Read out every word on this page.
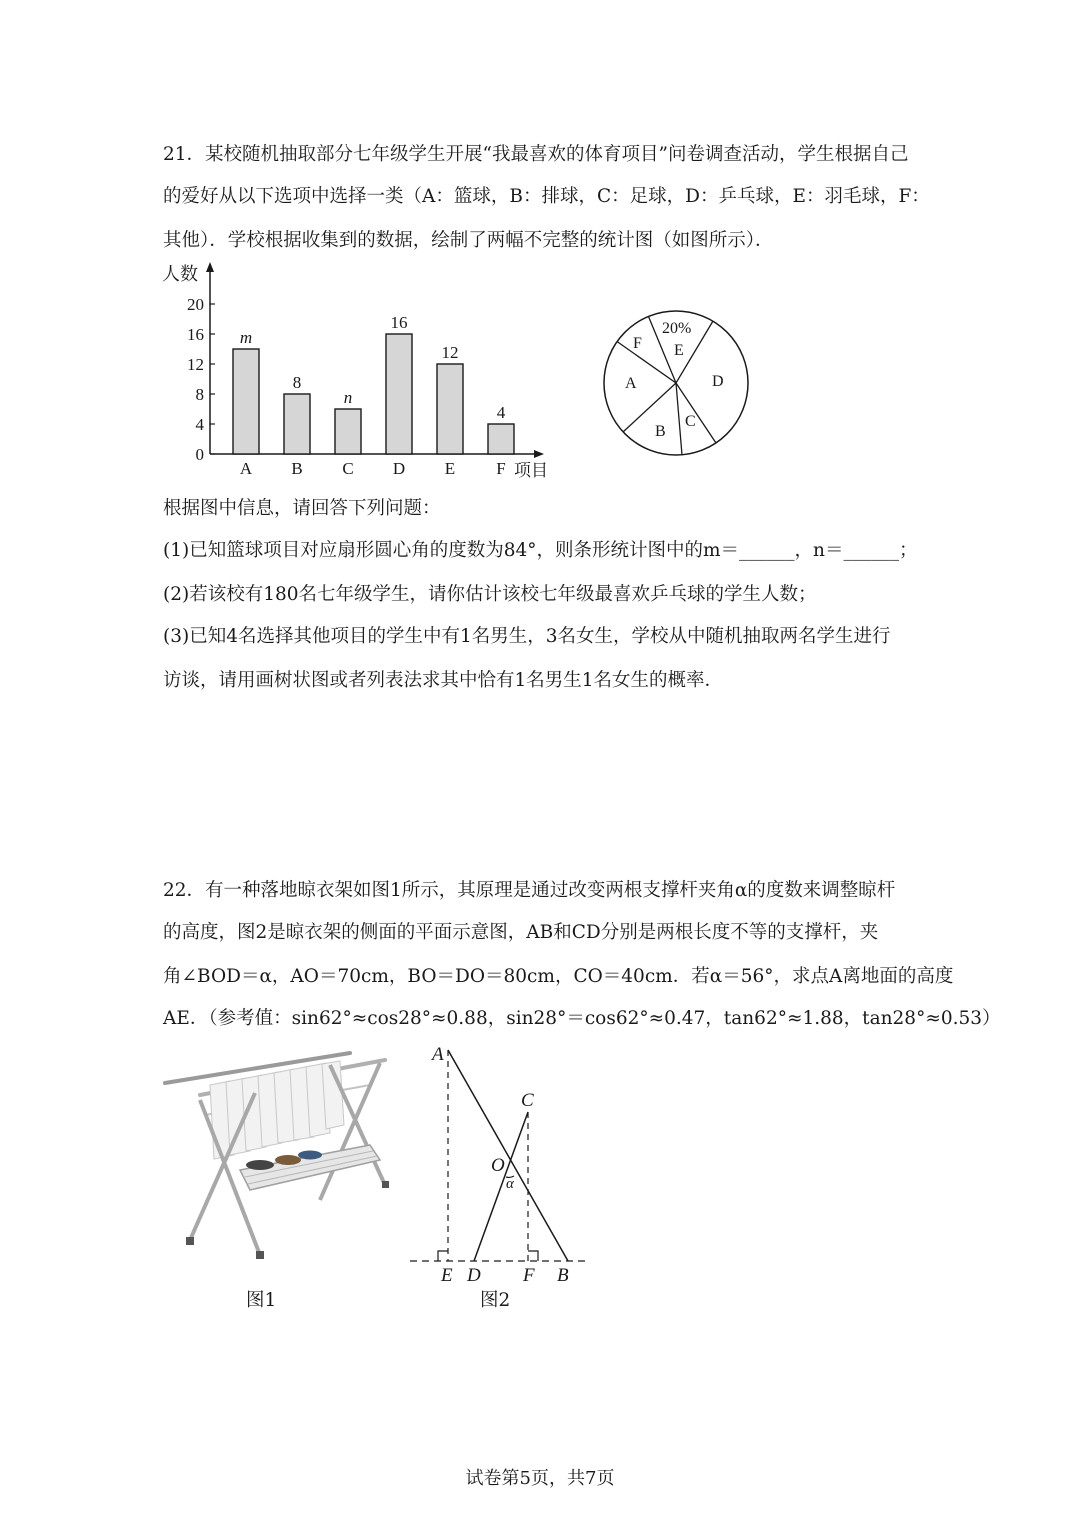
21．某校随机抽取部分七年级学生开展“我最喜欢的体育项目”问卷调查活动，学生根据自己
的爱好从以下选项中选择一类（A：篮球，B：排球，C：足球，D：乒乓球，E：羽毛球，F：
其他）．学校根据收集到的数据，绘制了两幅不完整的统计图（如图所示）．
人数
项目
0
4
8
12
16
20
m
A
8
B
n
C
16
D
12
E
4
F
20%
F E
D
C
B
A
根据图中信息，请回答下列问题：
(1)已知篮球项目对应扇形圆心角的度数为84°，则条形统计图中的m＝______，n＝______；
(2)若该校有180名七年级学生，请你估计该校七年级最喜欢乒乓球的学生人数；
(3)已知4名选择其他项目的学生中有1名男生，3名女生，学校从中随机抽取两名学生进行
访谈，请用画树状图或者列表法求其中恰有1名男生1名女生的概率．
22．有一种落地晾衣架如图1所示，其原理是通过改变两根支撑杆夹角α的度数来调整晾杆
的高度，图2是晾衣架的侧面的平面示意图，AB和CD分别是两根长度不等的支撑杆，夹
角∠BOD＝α，AO＝70cm，BO＝DO＝80cm，CO＝40cm．若α＝56°，求点A离地面的高度
AE．（参考值：sin62°≈cos28°≈0.88，sin28°＝cos62°≈0.47，tan62°≈1.88，tan28°≈0.53）
A
C
O
α
E D F B
图1	图2
试卷第5页，共7页
